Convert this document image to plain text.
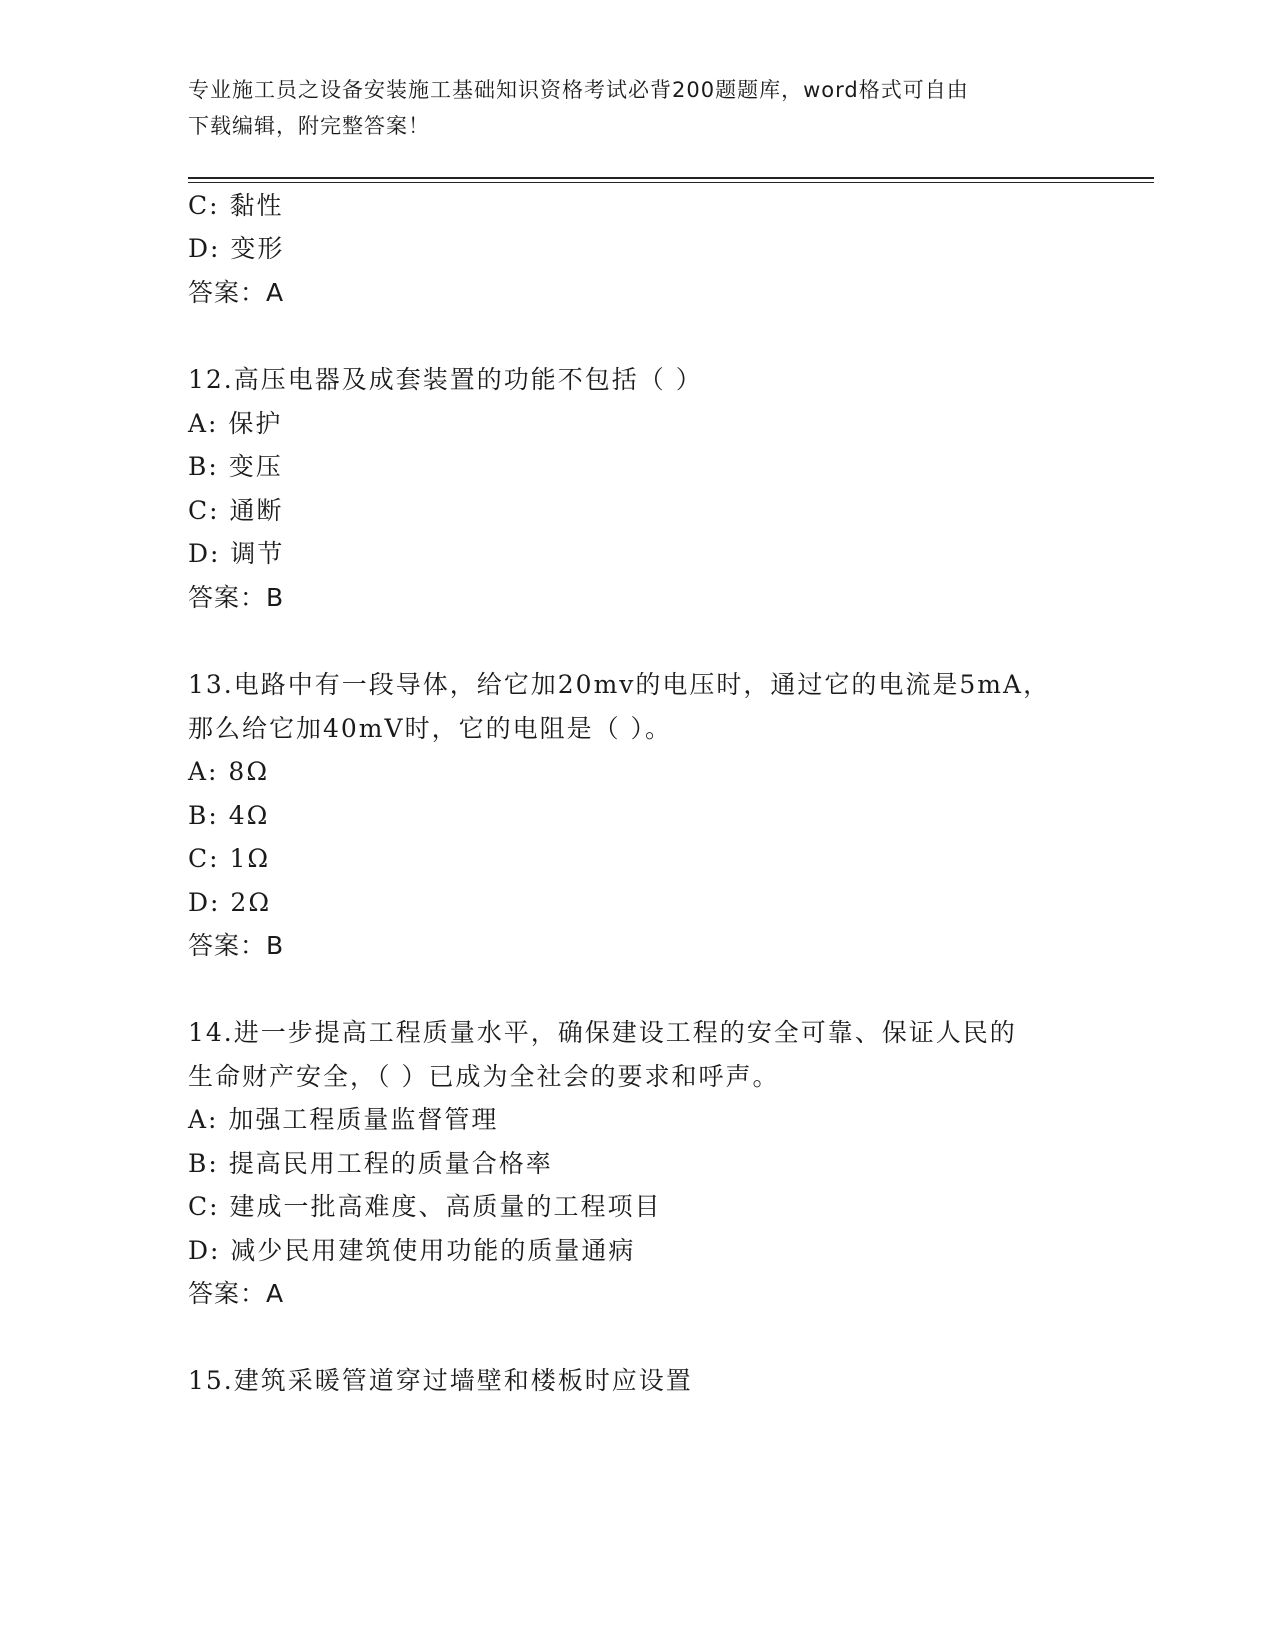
专业施工员之设备安装施工基础知识资格考试必背200题题库，word格式可自由
下载编辑，附完整答案！
C: 黏性
D: 变形
答案：A
12.高压电器及成套装置的功能不包括（ ）
A: 保护
B: 变压
C: 通断
D: 调节
答案：B
13.电路中有一段导体，给它加20mv的电压时，通过它的电流是5mA，
那么给它加40mV时，它的电阻是（ ）。
A: 8Ω
B: 4Ω
C: 1Ω
D: 2Ω
答案：B
14.进一步提高工程质量水平，确保建设工程的安全可靠、保证人民的
生命财产安全，（ ）已成为全社会的要求和呼声。
A: 加强工程质量监督管理
B: 提高民用工程的质量合格率
C: 建成一批高难度、高质量的工程项目
D: 减少民用建筑使用功能的质量通病
答案：A
15.建筑采暖管道穿过墙壁和楼板时应设置
